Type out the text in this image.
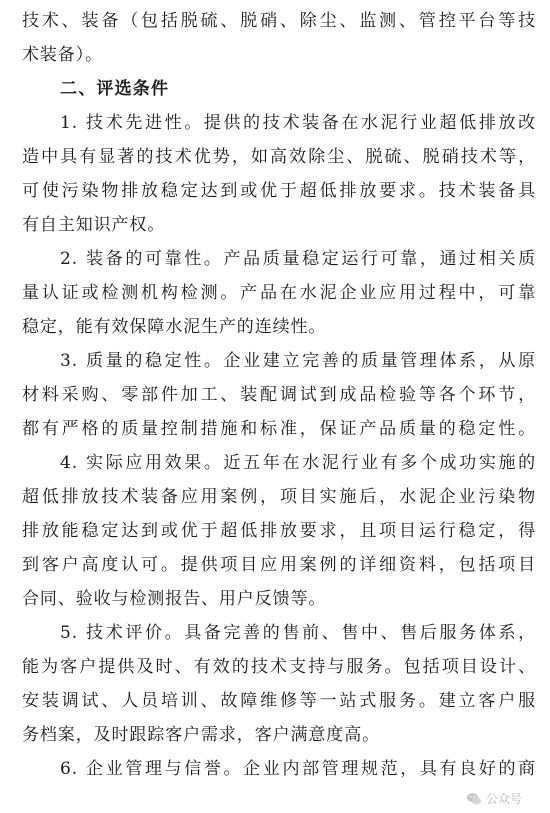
技术、装备（包括脱硫、脱硝、除尘、监测、管控平台等技
术装备）。
二、评选条件
1. 技术先进性。提供的技术装备在水泥行业超低排放改
造中具有显著的技术优势，如高效除尘、脱硫、脱硝技术等，
可使污染物排放稳定达到或优于超低排放要求。技术装备具
有自主知识产权。
2. 装备的可靠性。产品质量稳定运行可靠，通过相关质
量认证或检测机构检测。产品在水泥企业应用过程中，可靠
稳定，能有效保障水泥生产的连续性。
3. 质量的稳定性。企业建立完善的质量管理体系，从原
材料采购、零部件加工、装配调试到成品检验等各个环节，
都有严格的质量控制措施和标准，保证产品质量的稳定性。
4. 实际应用效果。近五年在水泥行业有多个成功实施的
超低排放技术装备应用案例，项目实施后，水泥企业污染物
排放能稳定达到或优于超低排放要求，且项目运行稳定，得
到客户高度认可。提供项目应用案例的详细资料，包括项目
合同、验收与检测报告、用户反馈等。
5. 技术评价。具备完善的售前、售中、售后服务体系，
能为客户提供及时、有效的技术支持与服务。包括项目设计、
安装调试、人员培训、故障维修等一站式服务。建立客户服
务档案，及时跟踪客户需求，客户满意度高。
6. 企业管理与信誉。企业内部管理规范，具有良好的商
公众号
